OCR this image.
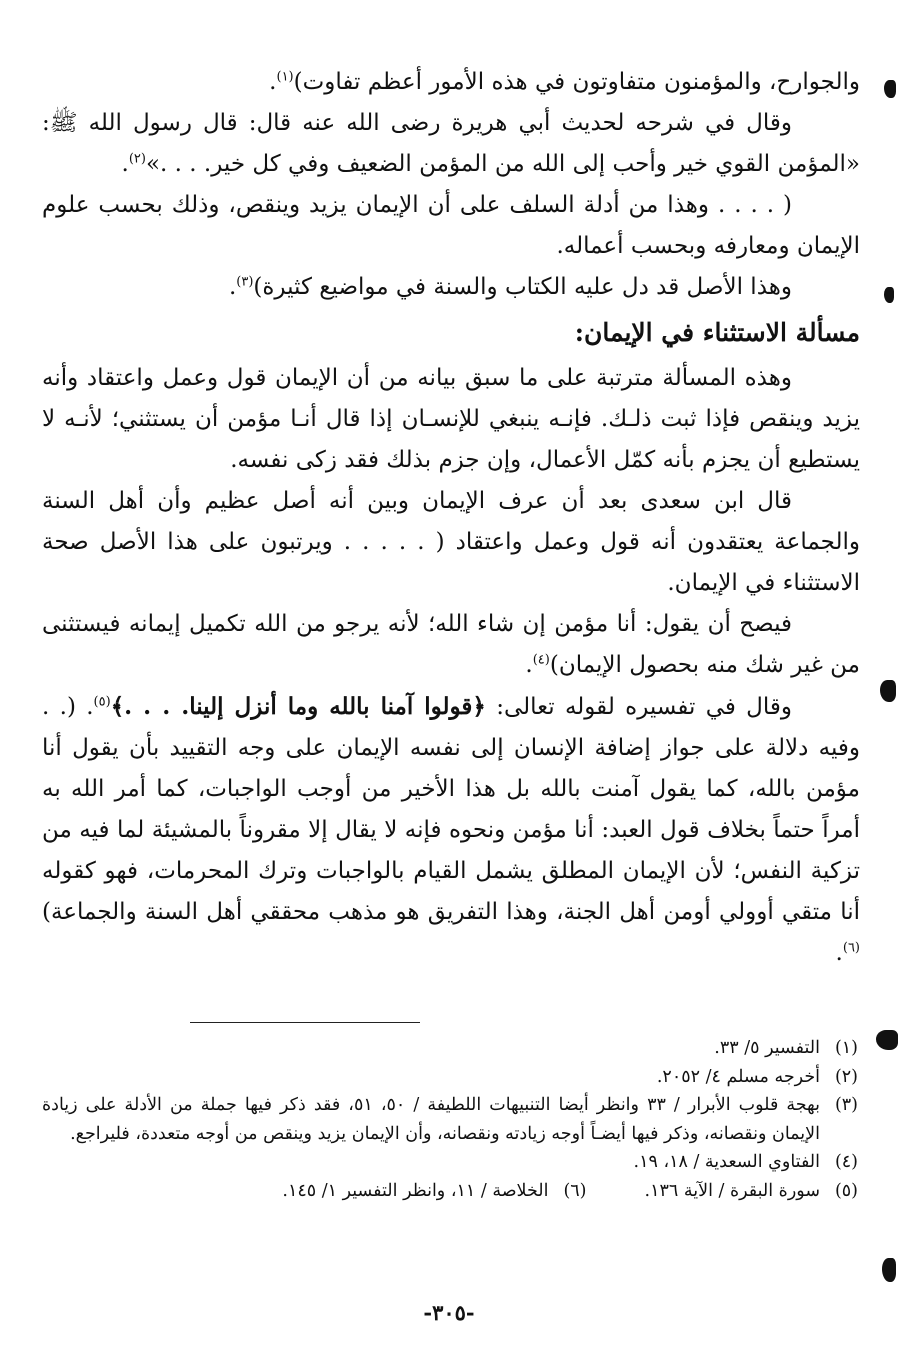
والجوارح، والمؤمنون متفاوتون في هذه الأمور أعظم تفاوت)$^{(١)}$.

وقال في شرحه لحديث أبي هريرة رضى الله عنه قال: قال رسول الله ﷺ: «المؤمن القوي خير وأحب إلى الله من المؤمن الضعيف وفي كل خير. . . .»$^{(٢)}$.

( . . . . وهذا من أدلة السلف على أن الإيمان يزيد وينقص، وذلك بحسب علوم الإيمان ومعارفه وبحسب أعماله.

وهذا الأصل قد دل عليه الكتاب والسنة في مواضيع كثيرة)$^{(٣)}$.

مسألة الاستثناء في الإيمان:

وهذه المسألة مترتبة على ما سبق بيانه من أن الإيمان قول وعمل واعتقاد وأنه يزيد وينقص فإذا ثبت ذلـك. فإنـه ينبغي للإنسـان إذا قال أنـا مؤمن أن يستثني؛ لأنـه لا يستطيع أن يجزم بأنه كمّل الأعمال، وإن جزم بذلك فقد زكى نفسه.

قال ابن سعدى بعد أن عرف الإيمان وبين أنه أصل عظيم وأن أهل السنة والجماعة يعتقدون أنه قول وعمل واعتقاد ( . . . . . ويرتبون على هذا الأصل صحة الاستثناء في الإيمان.

فيصح أن يقول: أنا مؤمن إن شاء الله؛ لأنه يرجو من الله تكميل إيمانه فيستثنى من غير شك منه بحصول الإيمان)$^{(٤)}$.

وقال في تفسيره لقوله تعالى: ﴿قولوا آمنا بالله وما أنزل إلينا. . . .﴾$^{(٥)}$. (. . وفيه دلالة على جواز إضافة الإنسان إلى نفسه الإيمان على وجه التقييد بأن يقول أنا مؤمن بالله، كما يقول آمنت بالله بل هذا الأخير من أوجب الواجبات، كما أمر الله به أمراً حتماً بخلاف قول العبد: أنا مؤمن ونحوه فإنه لا يقال إلا مقروناً بالمشيئة لما فيه من تزكية النفس؛ لأن الإيمان المطلق يشمل القيام بالواجبات وترك المحرمات، فهو كقوله أنا متقي أوولي أومن أهل الجنة، وهذا التفريق هو مذهب محققي أهل السنة والجماعة)$^{(٦)}$.

(١)
التفسير ٥/ ٣٣.
(٢)
أخرجه مسلم ٤/ ٢٠٥٢.
(٣)
بهجة قلوب الأبرار / ٣٣ وانظر أيضا التنبيهات اللطيفة / ٥٠، ٥١، فقد ذكر فيها جملة من الأدلة على زيادة الإيمان ونقصانه، وذكر فيها أيضـاً أوجه زيادته ونقصانه، وأن الإيمان يزيد وينقص من أوجه متعددة، فليراجع.
(٤)
الفتاوي السعدية / ١٨، ١٩.
(٥)
سورة البقرة / الآية ١٣٦.
(٦)
الخلاصة / ١١، وانظر التفسير ١/ ١٤٥.
-٣٠٥-
